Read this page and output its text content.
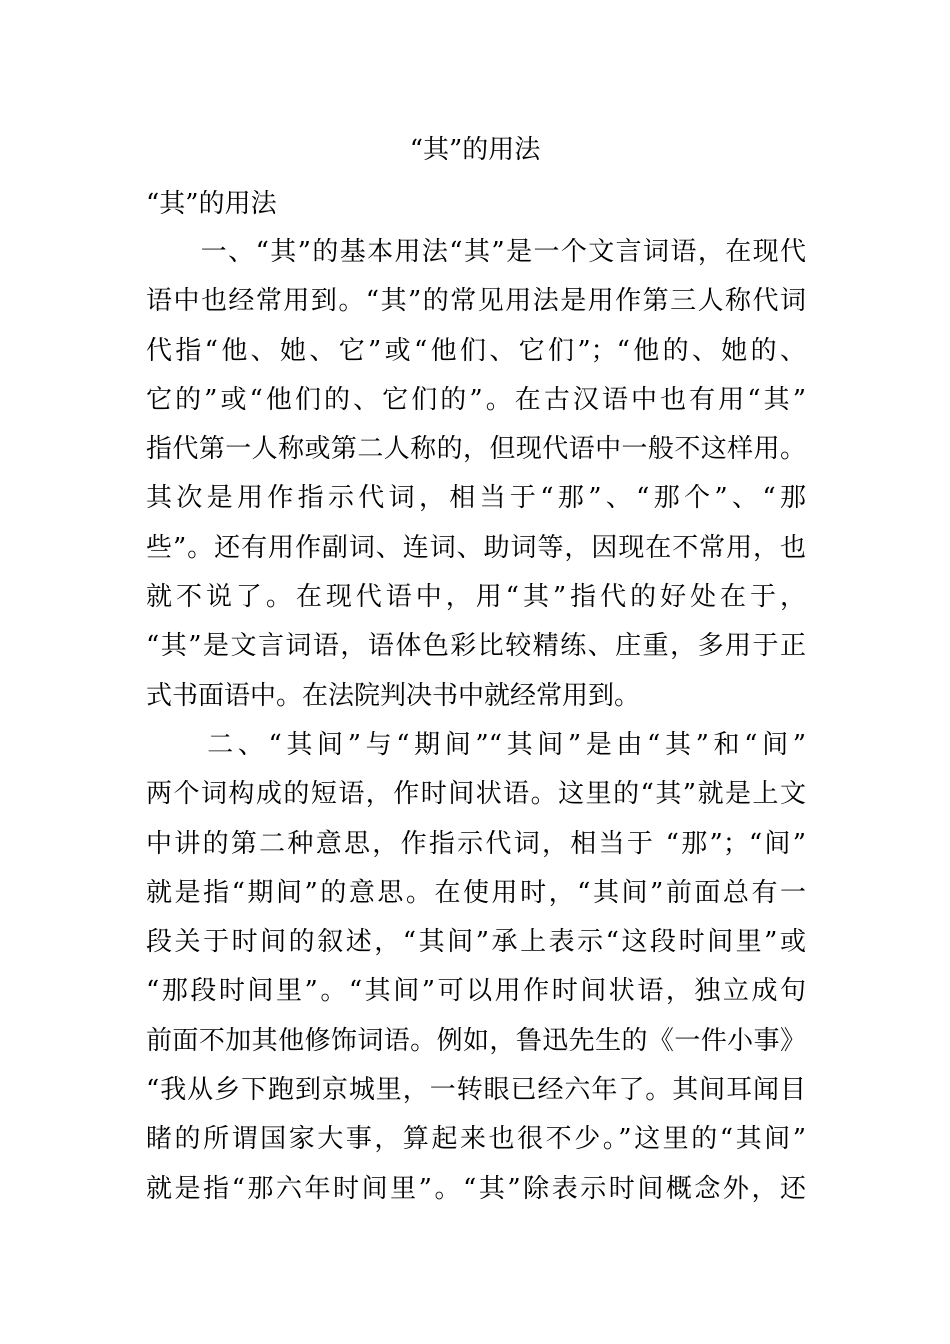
“其”的用法
“其”的用法
　　一、“其”的基本用法“其”是一个文言词语，在现代
语中也经常用到。“其”的常见用法是用作第三人称代词
代指“他、她、它”或“他们、它们”；“他的、她的、
它的”或“他们的、它们的”。在古汉语中也有用“其”
指代第一人称或第二人称的，但现代语中一般不这样用。
其次是用作指示代词，相当于“那”、“那个”、“那
些”。还有用作副词、连词、助词等，因现在不常用，也
就不说了。在现代语中，用“其”指代的好处在于，
“其”是文言词语，语体色彩比较精练、庄重，多用于正
式书面语中。在法院判决书中就经常用到。
　　二、“其间”与“期间”“其间”是由“其”和“间”
两个词构成的短语，作时间状语。这里的“其”就是上文
中讲的第二种意思，作指示代词，相当于 “那”；“间”
就是指“期间”的意思。在使用时，“其间”前面总有一
段关于时间的叙述，“其间”承上表示“这段时间里”或
“那段时间里”。“其间”可以用作时间状语，独立成句
前面不加其他修饰词语。例如，鲁迅先生的《一件小事》
“我从乡下跑到京城里，一转眼已经六年了。其间耳闻目
睹的所谓国家大事，算起来也很不少。”这里的“其间”
就是指“那六年时间里”。“其”除表示时间概念外，还
